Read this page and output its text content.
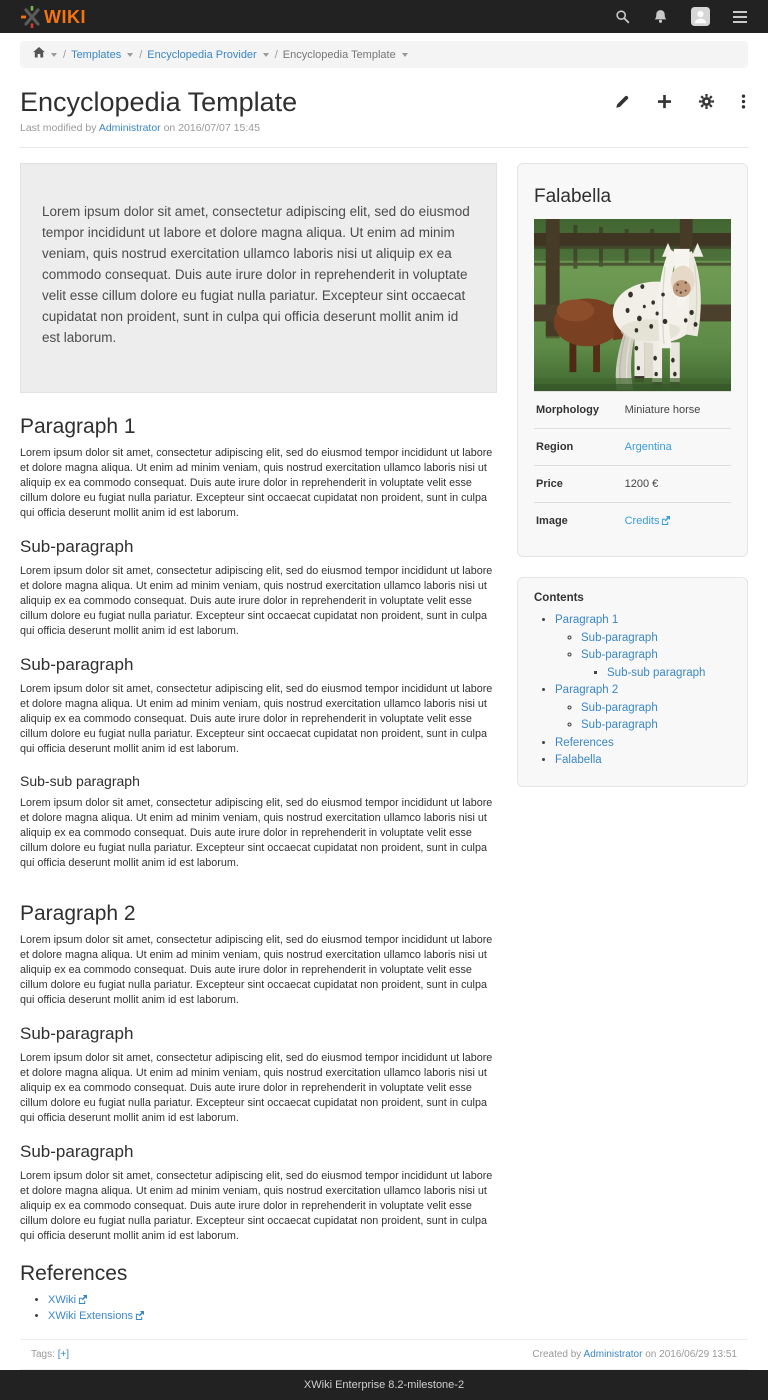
WIKI
/ Templates / Encyclopedia Provider / Encyclopedia Template
Encyclopedia Template
Last modified by Administrator on 2016/07/07 15:45
Lorem ipsum dolor sit amet, consectetur adipiscing elit, sed do eiusmod tempor incididunt ut labore et dolore magna aliqua. Ut enim ad minim veniam, quis nostrud exercitation ullamco laboris nisi ut aliquip ex ea commodo consequat. Duis aute irure dolor in reprehenderit in voluptate velit esse cillum dolore eu fugiat nulla pariatur. Excepteur sint occaecat cupidatat non proident, sunt in culpa qui officia deserunt mollit anim id est laborum.
Paragraph 1

Lorem ipsum dolor sit amet, consectetur adipiscing elit, sed do eiusmod tempor incididunt ut labore et dolore magna aliqua. Ut enim ad minim veniam, quis nostrud exercitation ullamco laboris nisi ut aliquip ex ea commodo consequat. Duis aute irure dolor in reprehenderit in voluptate velit esse cillum dolore eu fugiat nulla pariatur. Excepteur sint occaecat cupidatat non proident, sunt in culpa qui officia deserunt mollit anim id est laborum.

Sub-paragraph

Lorem ipsum dolor sit amet, consectetur adipiscing elit, sed do eiusmod tempor incididunt ut labore et dolore magna aliqua. Ut enim ad minim veniam, quis nostrud exercitation ullamco laboris nisi ut aliquip ex ea commodo consequat. Duis aute irure dolor in reprehenderit in voluptate velit esse cillum dolore eu fugiat nulla pariatur. Excepteur sint occaecat cupidatat non proident, sunt in culpa qui officia deserunt mollit anim id est laborum.

Sub-paragraph

Lorem ipsum dolor sit amet, consectetur adipiscing elit, sed do eiusmod tempor incididunt ut labore et dolore magna aliqua. Ut enim ad minim veniam, quis nostrud exercitation ullamco laboris nisi ut aliquip ex ea commodo consequat. Duis aute irure dolor in reprehenderit in voluptate velit esse cillum dolore eu fugiat nulla pariatur. Excepteur sint occaecat cupidatat non proident, sunt in culpa qui officia deserunt mollit anim id est laborum.

Sub-sub paragraph

Lorem ipsum dolor sit amet, consectetur adipiscing elit, sed do eiusmod tempor incididunt ut labore et dolore magna aliqua. Ut enim ad minim veniam, quis nostrud exercitation ullamco laboris nisi ut aliquip ex ea commodo consequat. Duis aute irure dolor in reprehenderit in voluptate velit esse cillum dolore eu fugiat nulla pariatur. Excepteur sint occaecat cupidatat non proident, sunt in culpa qui officia deserunt mollit anim id est laborum.

Paragraph 2

Lorem ipsum dolor sit amet, consectetur adipiscing elit, sed do eiusmod tempor incididunt ut labore et dolore magna aliqua. Ut enim ad minim veniam, quis nostrud exercitation ullamco laboris nisi ut aliquip ex ea commodo consequat. Duis aute irure dolor in reprehenderit in voluptate velit esse cillum dolore eu fugiat nulla pariatur. Excepteur sint occaecat cupidatat non proident, sunt in culpa qui officia deserunt mollit anim id est laborum.

Sub-paragraph

Lorem ipsum dolor sit amet, consectetur adipiscing elit, sed do eiusmod tempor incididunt ut labore et dolore magna aliqua. Ut enim ad minim veniam, quis nostrud exercitation ullamco laboris nisi ut aliquip ex ea commodo consequat. Duis aute irure dolor in reprehenderit in voluptate velit esse cillum dolore eu fugiat nulla pariatur. Excepteur sint occaecat cupidatat non proident, sunt in culpa qui officia deserunt mollit anim id est laborum.

Sub-paragraph

Lorem ipsum dolor sit amet, consectetur adipiscing elit, sed do eiusmod tempor incididunt ut labore et dolore magna aliqua. Ut enim ad minim veniam, quis nostrud exercitation ullamco laboris nisi ut aliquip ex ea commodo consequat. Duis aute irure dolor in reprehenderit in voluptate velit esse cillum dolore eu fugiat nulla pariatur. Excepteur sint occaecat cupidatat non proident, sunt in culpa qui officia deserunt mollit anim id est laborum.

References
• XWiki
• XWiki Extensions
Falabella
Morphology	Miniature horse
Region	Argentina
Price	1200 €
Image	Credits
Contents
• Paragraph 1
◦ Sub-paragraph
◦ Sub-paragraph
▪ Sub-sub paragraph
• Paragraph 2
◦ Sub-paragraph
◦ Sub-paragraph
• References
• Falabella
Tags: [+]	Created by Administrator on 2016/06/29 13:51
XWiki Enterprise 8.2-milestone-2
